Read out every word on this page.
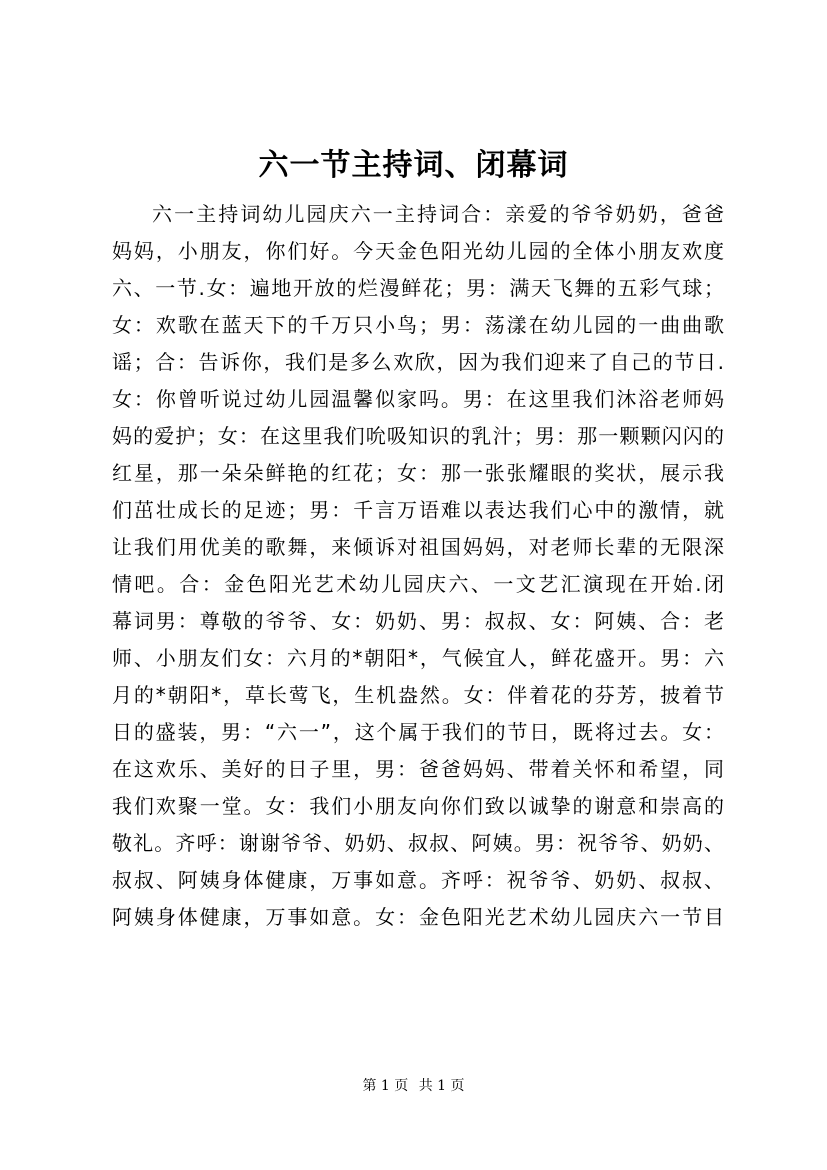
六一节主持词、闭幕词
六一主持词幼儿园庆六一主持词合：亲爱的爷爷奶奶，爸爸
妈妈，小朋友，你们好。今天金色阳光幼儿园的全体小朋友欢度
六、一节.女：遍地开放的烂漫鲜花；男：满天飞舞的五彩气球；
女：欢歌在蓝天下的千万只小鸟；男：荡漾在幼儿园的一曲曲歌
谣；合：告诉你，我们是多么欢欣，因为我们迎来了自己的节日.
女：你曾听说过幼儿园温馨似家吗。男：在这里我们沐浴老师妈
妈的爱护；女：在这里我们吮吸知识的乳汁；男：那一颗颗闪闪的
红星，那一朵朵鲜艳的红花；女：那一张张耀眼的奖状，展示我
们茁壮成长的足迹；男：千言万语难以表达我们心中的激情，就
让我们用优美的歌舞，来倾诉对祖国妈妈，对老师长辈的无限深
情吧。合：金色阳光艺术幼儿园庆六、一文艺汇演现在开始.闭
幕词男：尊敬的爷爷、女：奶奶、男：叔叔、女：阿姨、合：老
师、小朋友们女：六月的*朝阳*，气候宜人，鲜花盛开。男：六
月的*朝阳*，草长莺飞，生机盎然。女：伴着花的芬芳，披着节
日的盛装，男：“六一”，这个属于我们的节日，既将过去。女：
在这欢乐、美好的日子里，男：爸爸妈妈、带着关怀和希望，同
我们欢聚一堂。女：我们小朋友向你们致以诚挚的谢意和崇高的
敬礼。齐呼：谢谢爷爷、奶奶、叔叔、阿姨。男：祝爷爷、奶奶、
叔叔、阿姨身体健康，万事如意。齐呼：祝爷爷、奶奶、叔叔、
阿姨身体健康，万事如意。女：金色阳光艺术幼儿园庆六一节目
第 1 页 共 1 页
